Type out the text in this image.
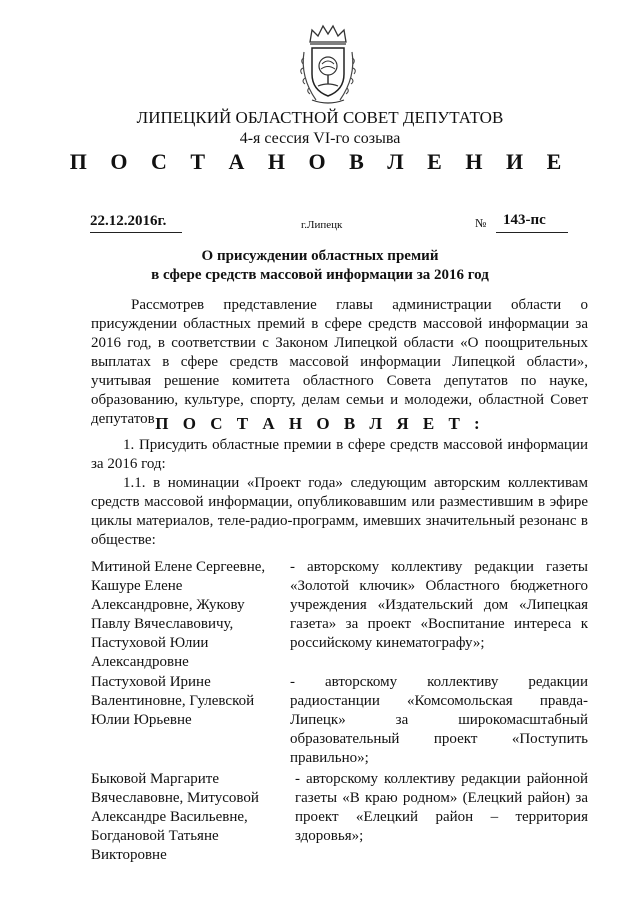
ЛИПЕЦКИЙ ОБЛАСТНОЙ СОВЕТ ДЕПУТАТОВ
4-я сессия VI-го созыва
П О С Т А Н О В Л Е Н И Е
22.12.2016г.	г.Липецк	№ 143-пс
О присуждении областных премий
в сфере средств массовой информации за 2016 год
Рассмотрев представление главы администрации области о присуждении областных премий в сфере средств массовой информации за 2016 год, в соответствии с Законом Липецкой области «О поощрительных выплатах в сфере средств массовой информации Липецкой области», учитывая решение комитета областного Совета депутатов по науке, образованию, культуре, спорту, делам семьи и молодежи, областной Совет депутатов П О С Т А Н О В Л Я Е Т :
1. Присудить областные премии в сфере средств массовой информации за 2016 год:
1.1. в номинации «Проект года» следующим авторским коллективам средств массовой информации, опубликовавшим или разместившим в эфире циклы материалов, теле-радио-программ, имевших значительный резонанс в обществе:
Митиной Елене Сергеевне, Кашуре Елене Александровне, Жукову Павлу Вячеславовичу, Пастуховой Юлии Александровне
- авторскому коллективу редакции газеты «Золотой ключик» Областного бюджетного учреждения «Издательский дом «Липецкая газета» за проект «Воспитание интереса к российскому кинематографу»;
Пастуховой Ирине Валентиновне, Гулевской Юлии Юрьевне
- авторскому коллективу редакции радиостанции «Комсомольская правда-Липецк» за широкомасштабный образовательный проект «Поступить правильно»;
Быковой Маргарите Вячеславовне, Митусовой Александре Васильевне, Богдановой Татьяне Викторовне
- авторскому коллективу редакции районной газеты «В краю родном» (Елецкий район) за проект «Елецкий район – территория здоровья»;
